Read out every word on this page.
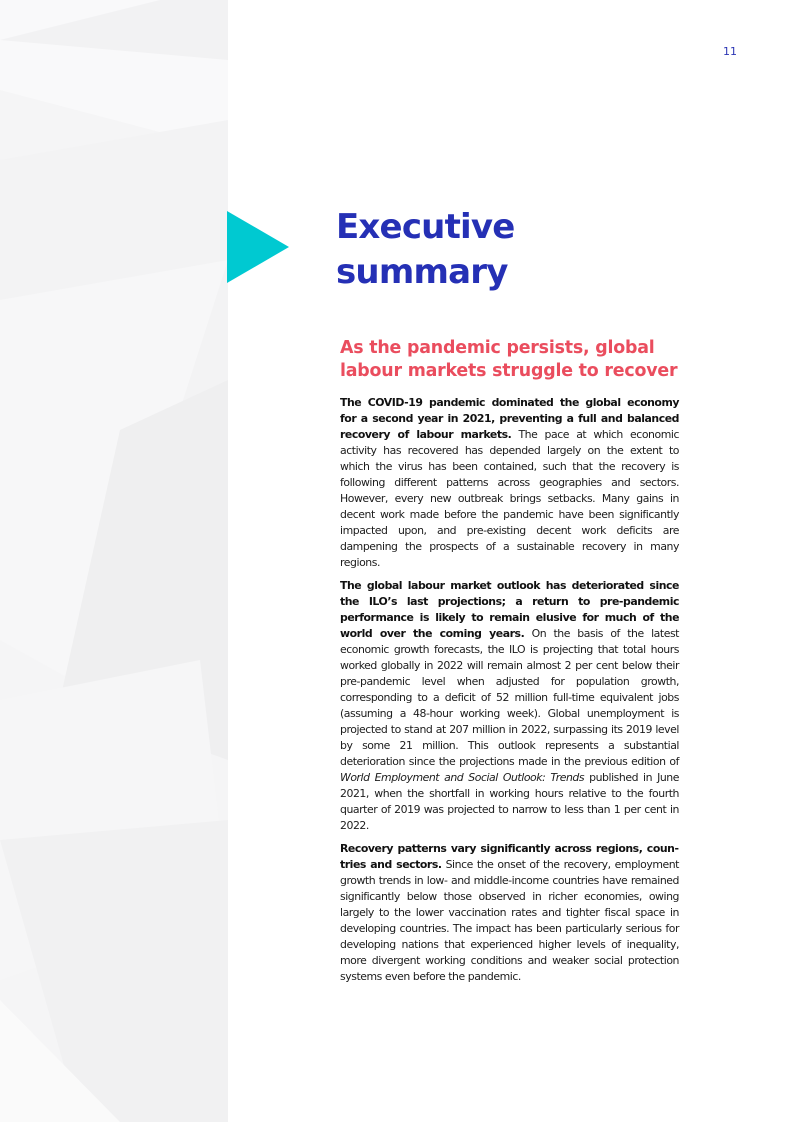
11
Executive
summary
As the pandemic persists, global
labour markets struggle to recover

The COVID-19 pandemic dominated the global economy for a second year in 2021, preventing a full and balanced recovery of labour markets. The pace at which economic activity has recovered has depended largely on the extent to which the virus has been contained, such that the recovery is following different patterns across geographies and sectors. However, every new outbreak brings setbacks. Many gains in decent work made before the pandemic have been significantly impacted upon, and pre-existing decent work deficits are dampening the prospects of a sustainable recovery in many regions.

The global labour market outlook has deteriorated since the ILO’s last projections; a return to pre-pandemic performance is likely to remain elusive for much of the world over the coming years. On the basis of the latest economic growth forecasts, the ILO is projecting that total hours worked globally in 2022 will remain almost 2 per cent below their pre-pandemic level when adjusted for population growth, corresponding to a deficit of 52 million full-time equivalent jobs (assuming a 48-hour working week). Global unemployment is projected to stand at 207 million in 2022, surpassing its 2019 level by some 21 million. This outlook represents a substantial deterioration since the projections made in the previous edition of World Employment and Social Outlook: Trends published in June 2021, when the shortfall in working hours relative to the fourth quarter of 2019 was projected to narrow to less than 1 per cent in 2022.

Recovery patterns vary significantly across regions, countries and sectors. Since the onset of the recovery, employment growth trends in low- and middle-income countries have remained significantly below those observed in richer economies, owing largely to the lower vaccination rates and tighter fiscal space in developing countries. The impact has been particularly serious for developing nations that experienced higher levels of inequality, more divergent working conditions and weaker social protection systems even before the pandemic.
